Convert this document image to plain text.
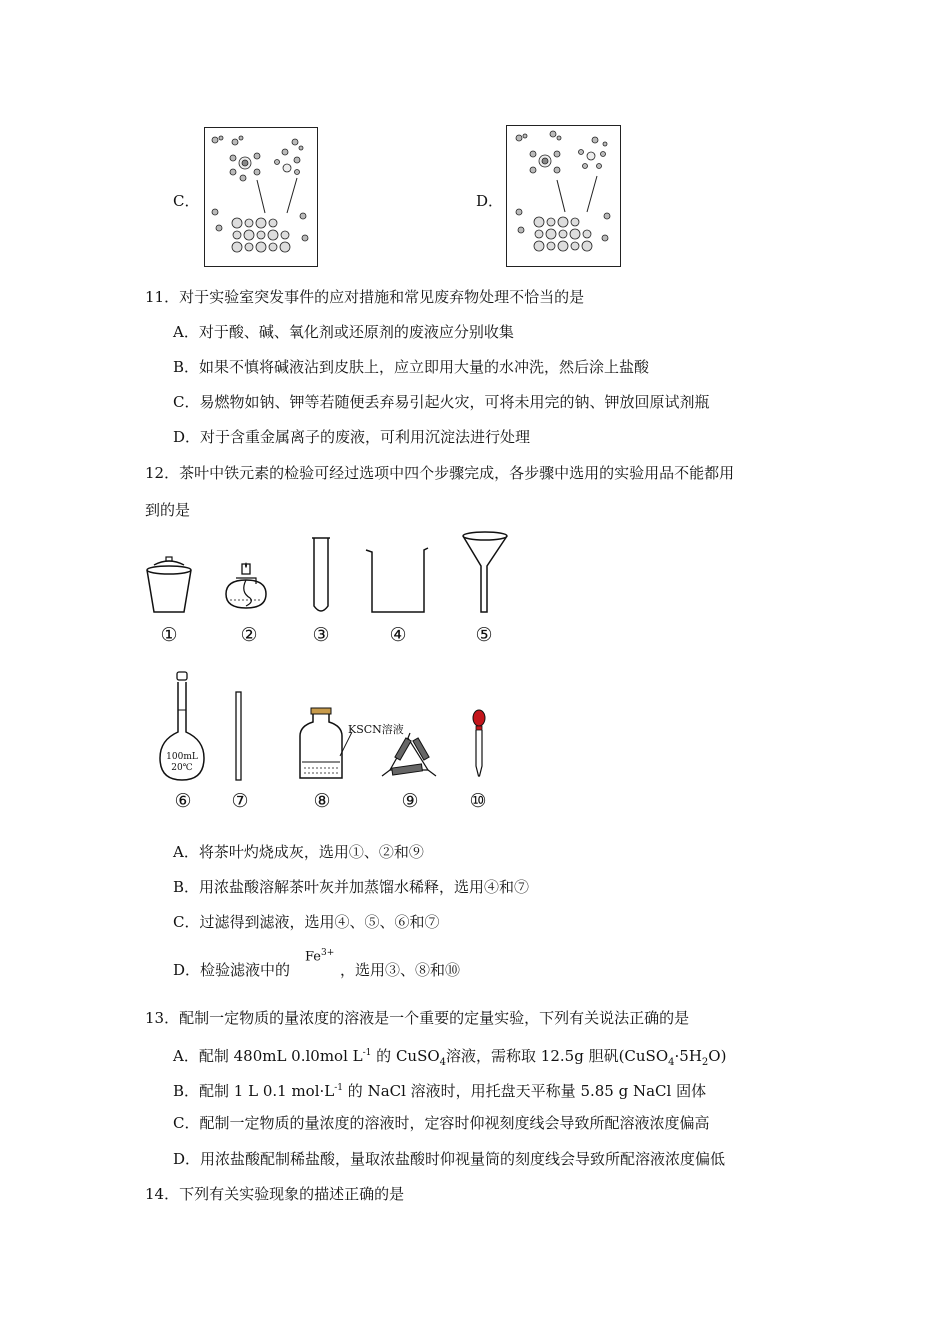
C．	D．
11．对于实验室突发事件的应对措施和常见废弃物处理不恰当的是
A．对于酸、碱、氧化剂或还原剂的废液应分别收集
B．如果不慎将碱液沾到皮肤上，应立即用大量的水冲洗，然后涂上盐酸
C．易燃物如钠、钾等若随便丢弃易引起火灾，可将未用完的钠、钾放回原试剂瓶
D．对于含重金属离子的废液，可利用沉淀法进行处理
12．茶叶中铁元素的检验可经过选项中四个步骤完成，各步骤中选用的实验用品不能都用
到的是
①	②	③	④	⑤
100mL
20℃
KSCN溶液
⑥	⑦	⑧	⑨	⑩
A．将茶叶灼烧成灰，选用①、②和⑨
B．用浓盐酸溶解茶叶灰并加蒸馏水稀释，选用④和⑦
C．过滤得到滤液，选用④、⑤、⑥和⑦
D．检验滤液中的
$Fe^{3+}$
，选用③、⑧和⑩
13．配制一定物质的量浓度的溶液是一个重要的定量实验，下列有关说法正确的是
A．配制 480mL 0.l0mol $L^{-1}$ 的 CuSO$_4$溶液，需称取 12.5g 胆矾$(CuSO_4\cdot 5H_2O)$
B．配制 1 L 0.1 $mol\cdot L^{-1}$ 的 NaCl 溶液时，用托盘天平称量 5.85 g NaCl 固体
C．配制一定物质的量浓度的溶液时，定容时仰视刻度线会导致所配溶液浓度偏高
D．用浓盐酸配制稀盐酸，量取浓盐酸时仰视量筒的刻度线会导致所配溶液浓度偏低
14．下列有关实验现象的描述正确的是
